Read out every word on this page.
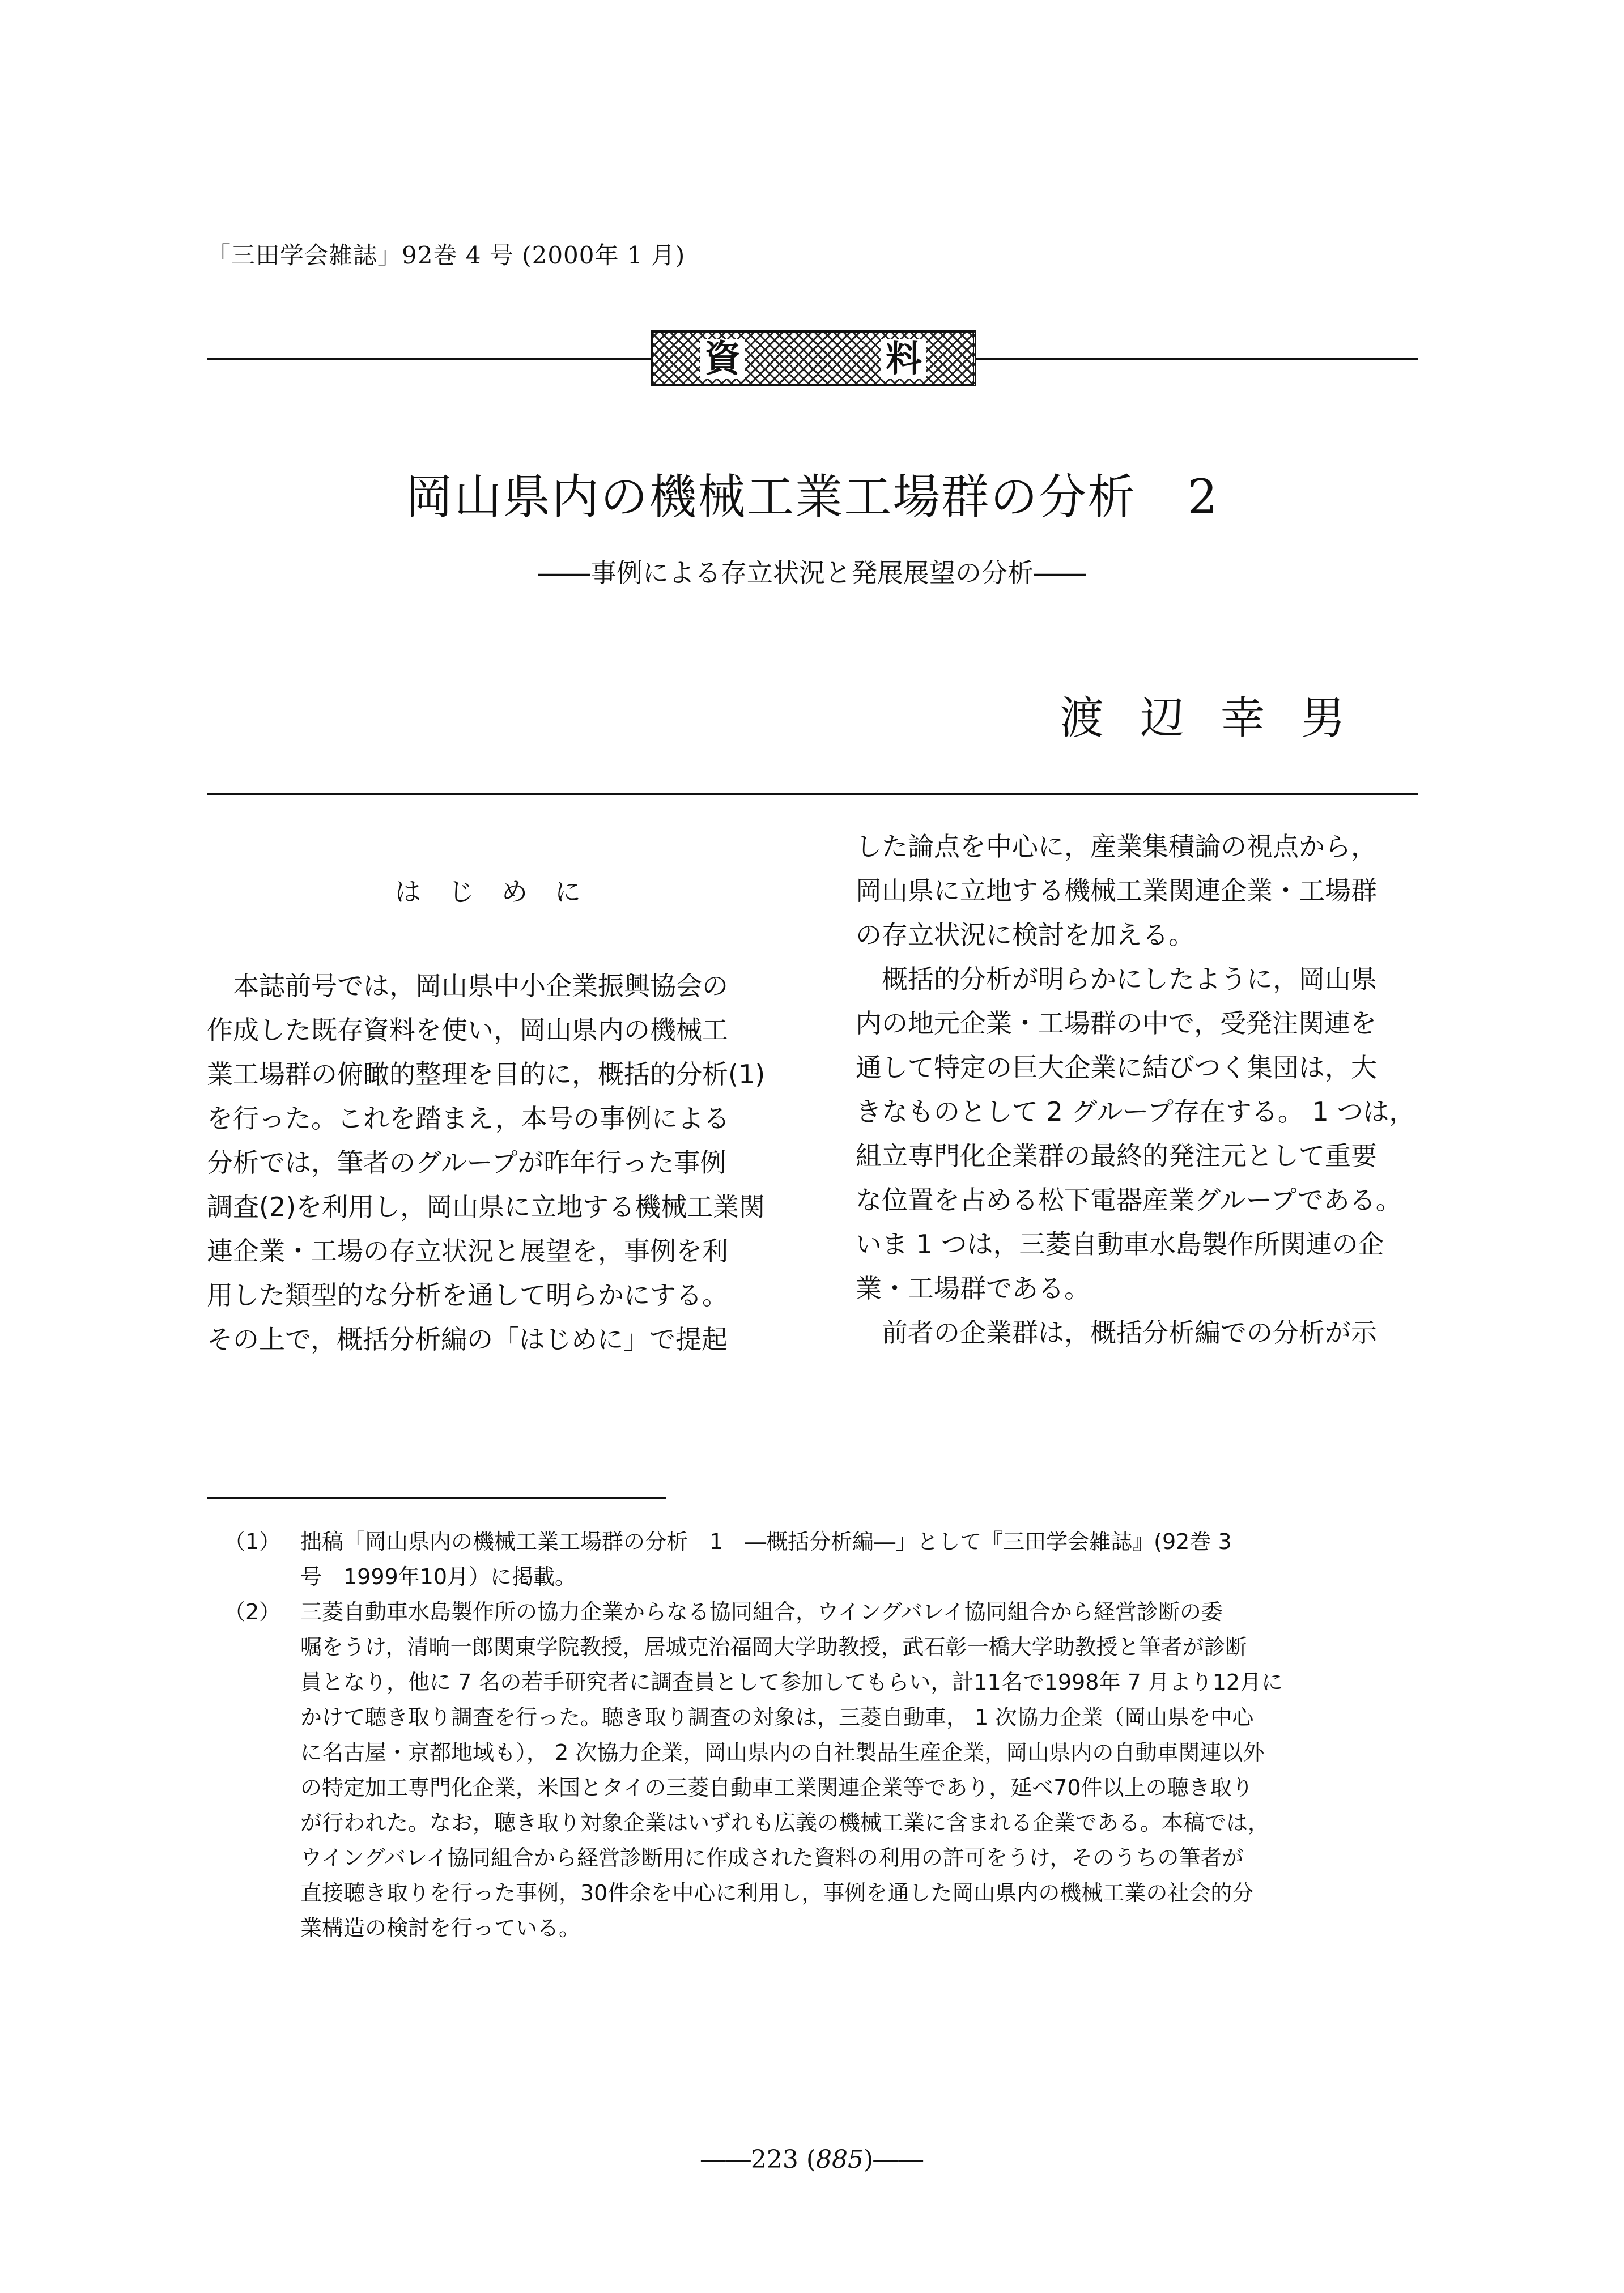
「三田学会雑誌」92巻 4 号 (2000年 1 月)
資	料
岡山県内の機械工業工場群の分析 2
――事例による存立状況と発展展望の分析――
渡辺幸男

はじめに

本誌前号では，岡山県中小企業振興協会の

作成した既存資料を使い，岡山県内の機械工

業工場群の俯瞰的整理を目的に，概括的分析(1)

を行った。これを踏まえ，本号の事例による

分析では，筆者のグループが昨年行った事例

調査(2)を利用し，岡山県に立地する機械工業関

連企業・工場の存立状況と展望を，事例を利

用した類型的な分析を通して明らかにする。

その上で，概括分析編の「はじめに」で提起

した論点を中心に，産業集積論の視点から，

岡山県に立地する機械工業関連企業・工場群

の存立状況に検討を加える。

概括的分析が明らかにしたように，岡山県

内の地元企業・工場群の中で，受発注関連を

通して特定の巨大企業に結びつく集団は，大

きなものとして 2 グループ存在する。 1 つは，

組立専門化企業群の最終的発注元として重要

な位置を占める松下電器産業グループである。

いま 1 つは，三菱自動車水島製作所関連の企

業・工場群である。

前者の企業群は，概括分析編での分析が示

（1） 拙稿「岡山県内の機械工業工場群の分析　1　―概括分析編―」として『三田学会雑誌』(92巻 3

号　1999年10月）に掲載。

（2） 三菱自動車水島製作所の協力企業からなる協同組合，ウイングバレイ協同組合から経営診断の委

嘱をうけ，清晌一郎関東学院教授，居城克治福岡大学助教授，武石彰一橋大学助教授と筆者が診断

員となり，他に 7 名の若手研究者に調査員として参加してもらい，計11名で1998年 7 月より12月に

かけて聴き取り調査を行った。聴き取り調査の対象は，三菱自動車， 1 次協力企業（岡山県を中心

に名古屋・京都地域も）， 2 次協力企業，岡山県内の自社製品生産企業，岡山県内の自動車関連以外

の特定加工専門化企業，米国とタイの三菱自動車工業関連企業等であり，延べ70件以上の聴き取り

が行われた。なお，聴き取り対象企業はいずれも広義の機械工業に含まれる企業である。本稿では，

ウイングバレイ協同組合から経営診断用に作成された資料の利用の許可をうけ，そのうちの筆者が

直接聴き取りを行った事例，30件余を中心に利用し，事例を通した岡山県内の機械工業の社会的分

業構造の検討を行っている。

――223 (885)――
